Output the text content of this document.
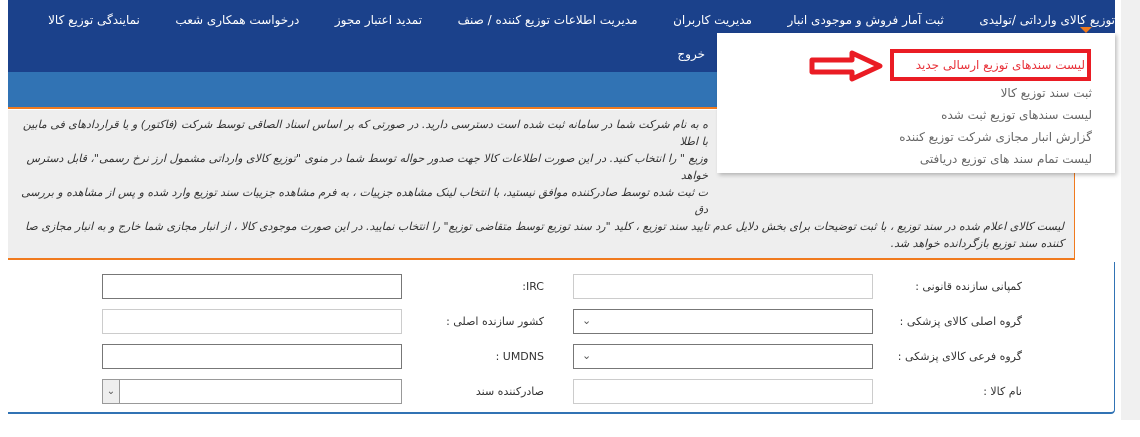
توزیع کالای وارداتی /تولیدی
ثبت آمار فروش و موجودی انبار
مدیریت کاربران
مدیریت اطلاعات توزیع کننده / صنف
تمدید اعتبار مجوز
درخواست همکاری شعب
نمایندگی توزیع کالا
خروج
ه به نام شرکت شما در سامانه ثبت شده است دسترسی دارید. در صورتی که بر اساس اسناد الصاقی توسط شرکت (فاکتور) و یا قراردادهای فی مابین با اطلا
وزیع " را انتخاب کنید. در این صورت اطلاعات کالا جهت صدور حواله توسط شما در منوی "توزیع کالای وارداتی مشمول ارز نرخ رسمی"، قابل دسترس خواهد
ت ثبت شده توسط صادرکننده موافق نیستید، با انتخاب لینک مشاهده جزییات ، به فرم مشاهده جزییات سند توزیع وارد شده و پس از مشاهده و بررسی دق
لیست کالای اعلام شده در سند توزیع ، با ثبت توضیحات برای بخش دلایل عدم تایید سند توزیع ، کلید "رد سند توزیع توسط متقاضی توزیع" را انتخاب نمایید. در این صورت موجودی کالا ، از انبار مجازی شما خارج و به انبار مجازی صا
کننده سند توزیع بازگردانده خواهد شد.
کمپانی سازنده قانونی :
IRC:
گروه اصلی کالای پزشکی :
⌄
کشور سازنده اصلی :
گروه فرعی کالای پزشکی :
⌄
UMDNS :
نام کالا :
صادرکننده سند
⌄
لیست سندهای توزیع ارسالی جدید
ثبت سند توزیع کالا
لیست سندهای توزیع ثبت شده
گزارش انبار مجازی شرکت توزیع کننده
لیست تمام سند های توزیع دریافتی
